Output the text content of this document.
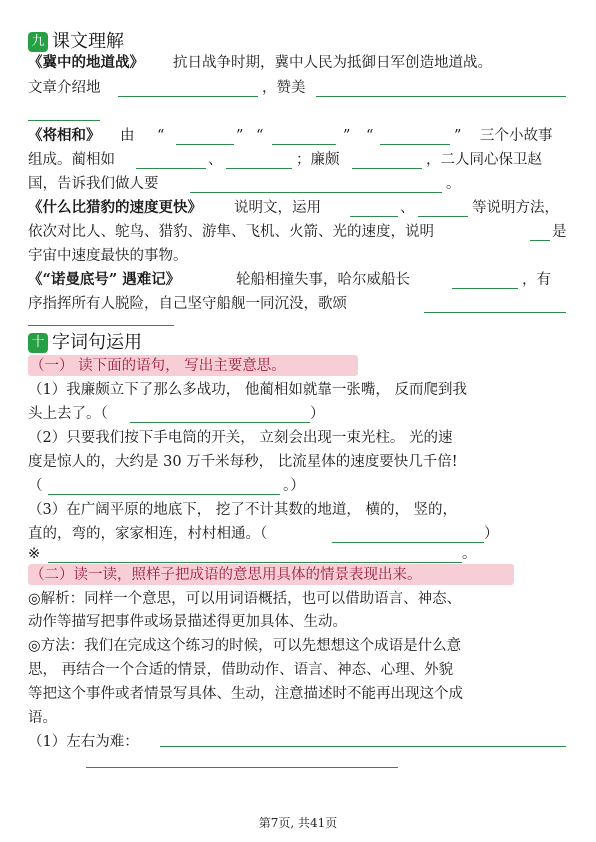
九 课文理解
《冀中的地道战》 抗日战争时期，冀中人民为抵御日军创造地道战。
文章介绍地	，赞美
《将相和》 由 “	” “	” “	” 三个小故事
组成。蔺相如	、	；廉颇	，二人同心保卫赵
国，告诉我们做人要	。
《什么比猎豹的速度更快》 说明文，运用	、	等说明方法，
依次对比人、鸵鸟、猎豹、游隼、飞机、火箭、光的速度，说明	是
宇宙中速度最快的事物。
《“诺曼底号” 遇难记》	轮船相撞失事，哈尔威船长	，有
序指挥所有人脱险，自己坚守船舰一同沉没，歌颂
十 字词句运用
（一） 读下面的语句， 写出主要意思。
（1）我廉颇立下了那么多战功， 他蔺相如就靠一张嘴， 反而爬到我
头上去了。（	）
（2）只要我们按下手电筒的开关， 立刻会出现一束光柱。 光的速
度是惊人的，大约是 30 万千米每秒， 比流星体的速度要快几千倍!
（	。）
（3）在广阔平原的地底下， 挖了不计其数的地道， 横的， 竖的，
直的，弯的，家家相连，村村相通。（	）
※	。
（二）读一读，照样子把成语的意思用具体的情景表现出来。
◎解析：同样一个意思，可以用词语概括，也可以借助语言、神态、
动作等描写把事件或场景描述得更加具体、生动。
◎方法：我们在完成这个练习的时候，可以先想想这个成语是什么意
思， 再结合一个合适的情景，借助动作、语言、神态、心理、外貌
等把这个事件或者情景写具体、生动，注意描述时不能再出现这个成
语。
（1）左右为难：
第7页, 共41页
